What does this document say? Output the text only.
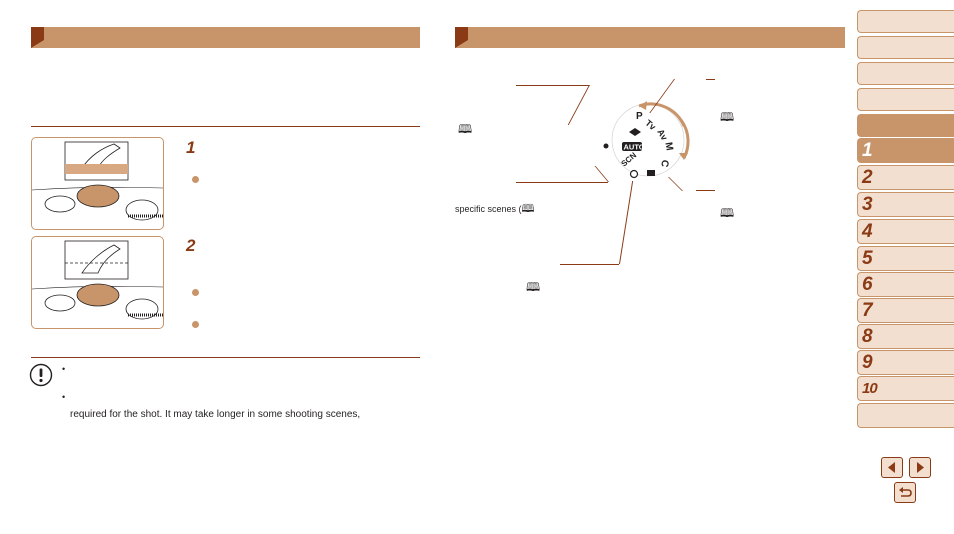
1
2
•
•
required for the shot. It may take longer in some shooting scenes,
P
Tv
Av
M
C
AUTO
SCN
🕮
specific scenes (🕮
🕮
🕮
🕮
1
2
3
4
5
6
7
8
9
10
